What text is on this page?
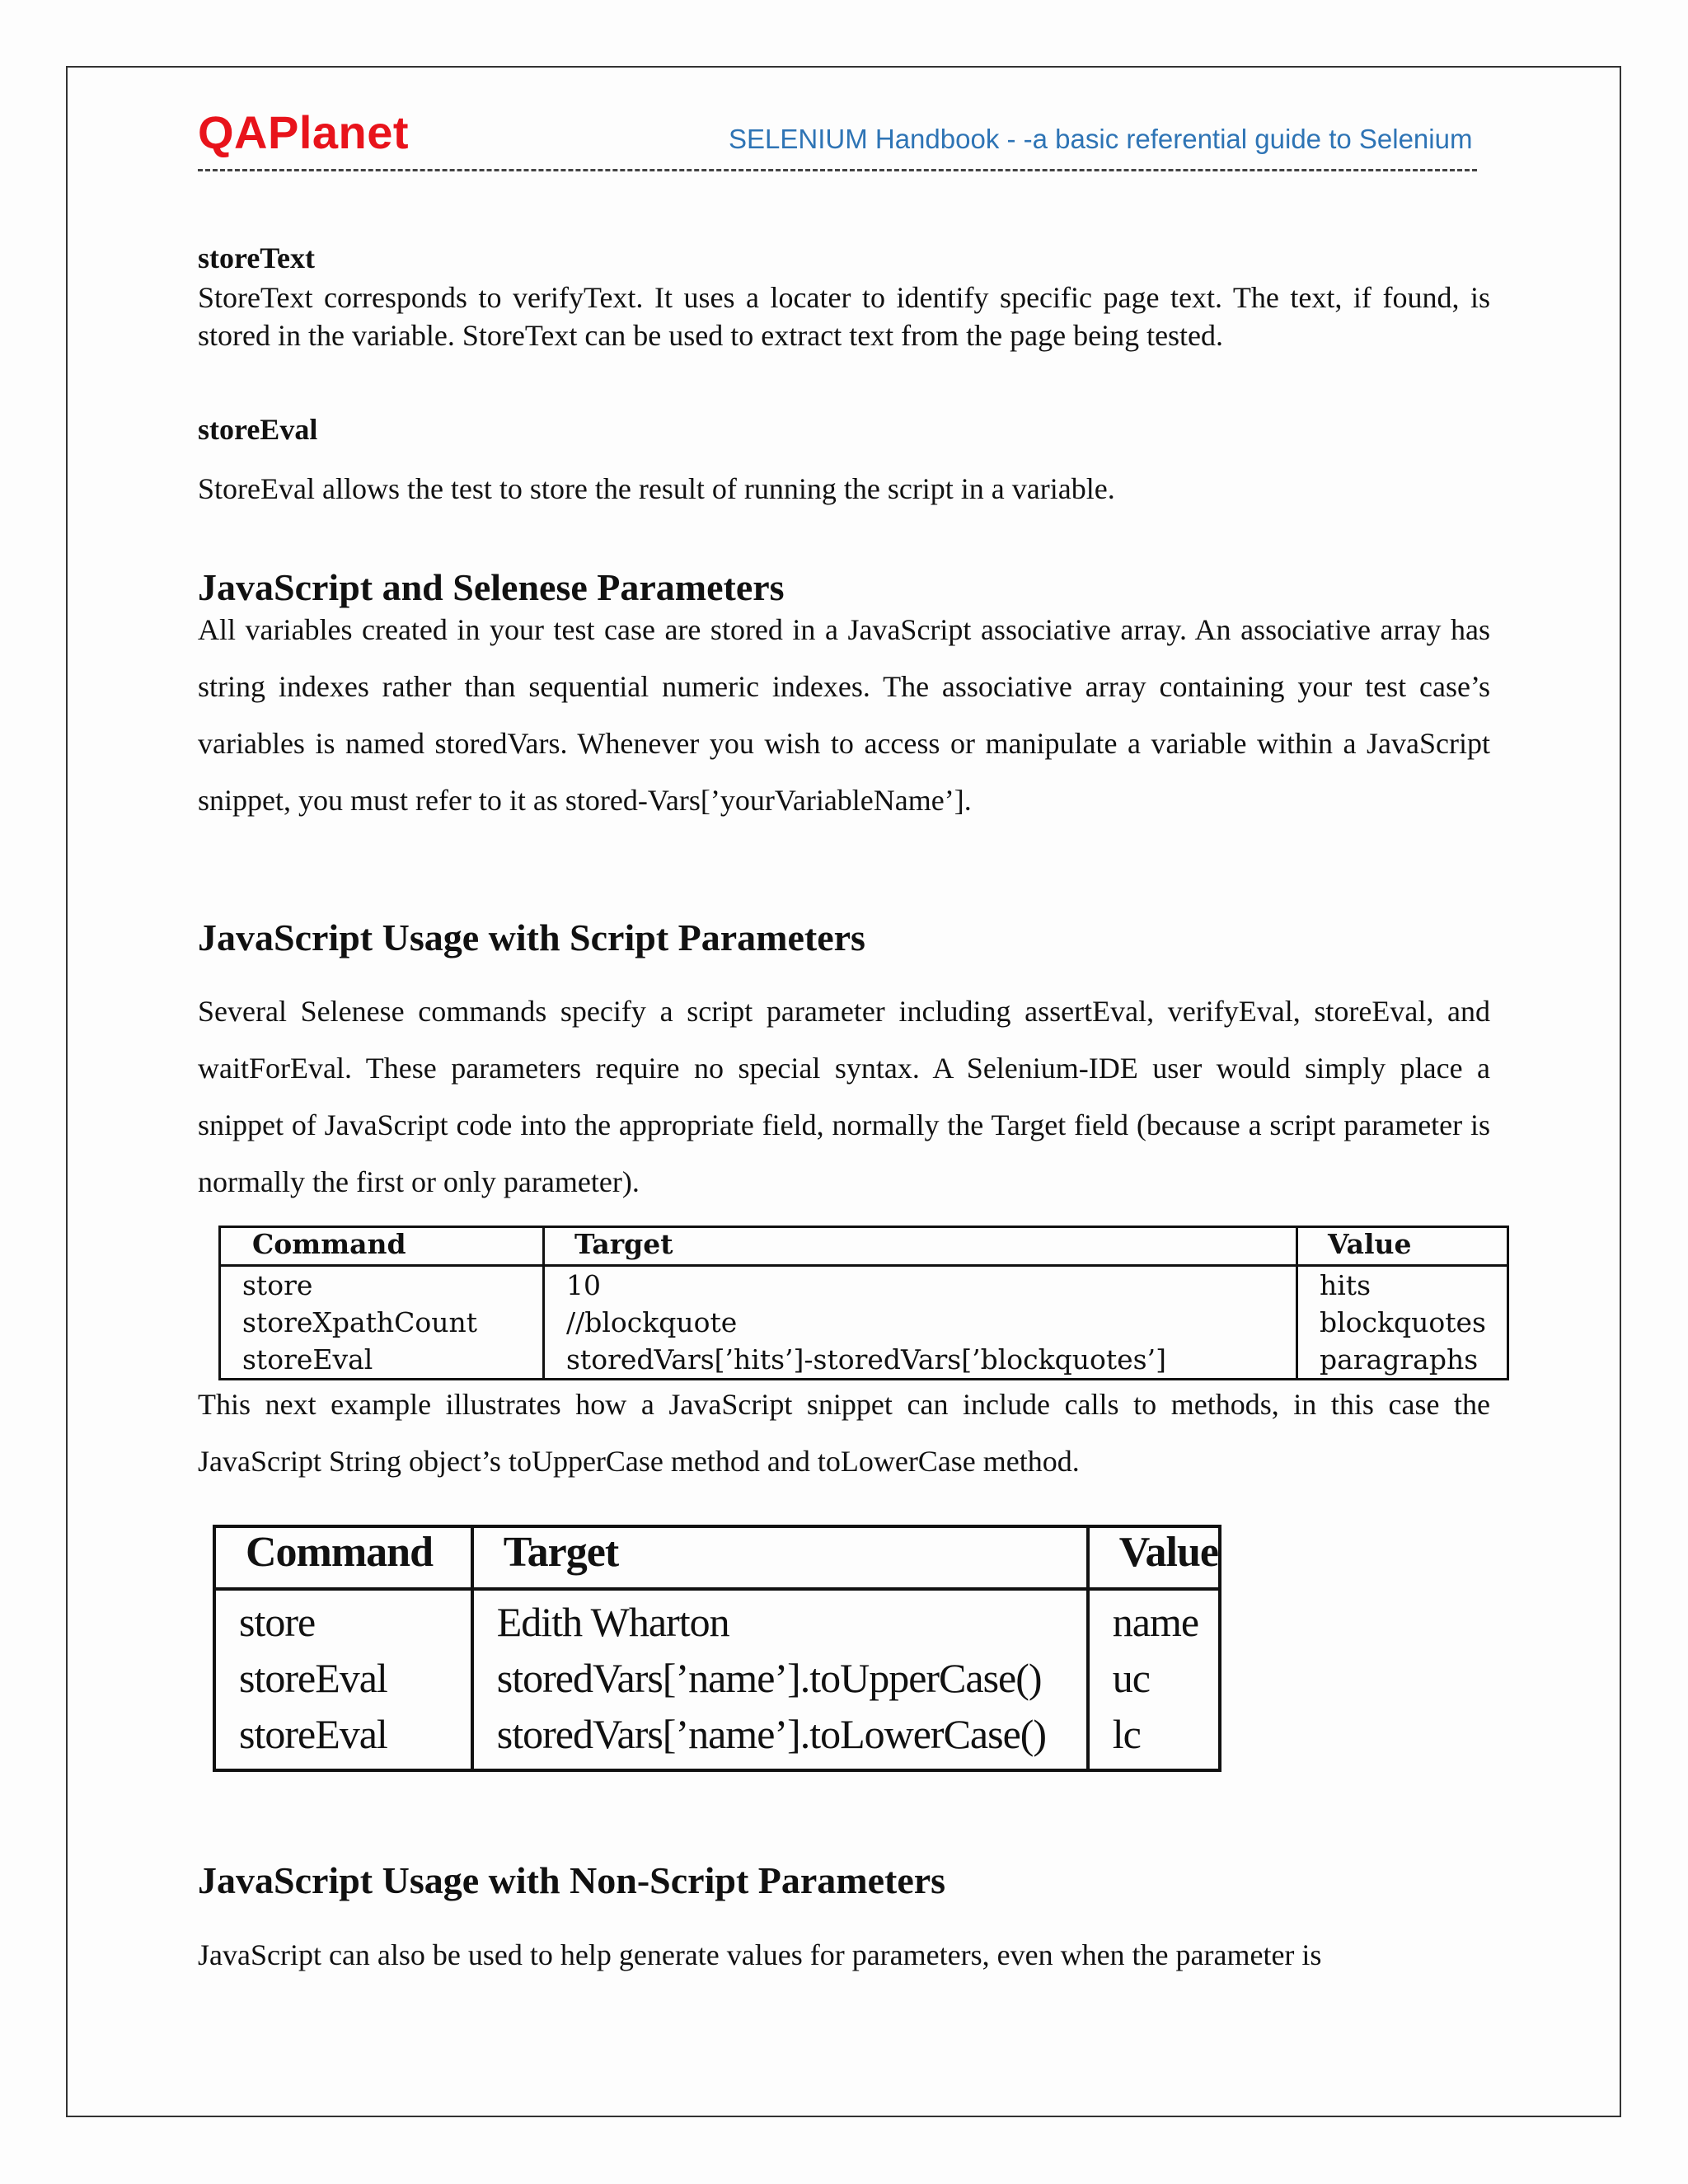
QAPlanet	SELENIUM Handbook - -a basic referential guide to Selenium
storeText
StoreText corresponds to verifyText. It uses a locater to identify specific page text. The text, if found, is stored in the variable. StoreText can be used to extract text from the page being tested.
storeEval
StoreEval allows the test to store the result of running the script in a variable.
JavaScript and Selenese Parameters
All variables created in your test case are stored in a JavaScript associative array. An associative array has string indexes rather than sequential numeric indexes. The associative array containing your test case’s variables is named storedVars. Whenever you wish to access or manipulate a variable within a JavaScript snippet, you must refer to it as stored-Vars[’yourVariableName’].
JavaScript Usage with Script Parameters
Several Selenese commands specify a script parameter including assertEval, verifyEval, storeEval, and waitForEval. These parameters require no special syntax. A Selenium-IDE user would simply place a snippet of JavaScript code into the appropriate field, normally the Target field (because a script parameter is normally the first or only parameter).
Command	Target	Value
store	10	hits
storeXpathCount	//blockquote	blockquotes
storeEval	storedVars[’hits’]-storedVars[’blockquotes’]	paragraphs
This next example illustrates how a JavaScript snippet can include calls to methods, in this case the JavaScript String object’s toUpperCase method and toLowerCase method.
Command	Target	Value
store	Edith Wharton	name
storeEval	storedVars[’name’].toUpperCase()	uc
storeEval	storedVars[’name’].toLowerCase()	lc
JavaScript Usage with Non-Script Parameters
JavaScript can also be used to help generate values for parameters, even when the parameter is
